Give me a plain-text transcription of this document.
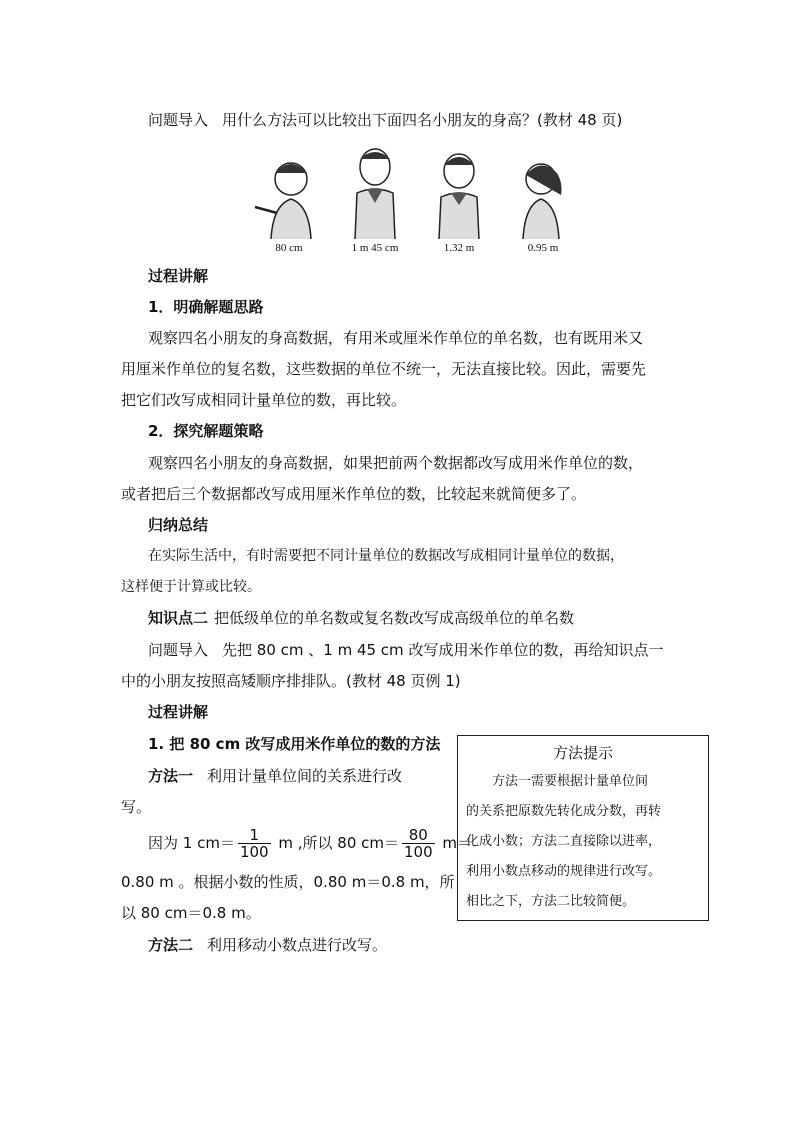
问题导入 用什么方法可以比较出下面四名小朋友的身高？(教材 48 页)
80 cm	1 m 45 cm	1.32 m	0.95 m
过程讲解
1．明确解题思路
观察四名小朋友的身高数据，有用米或厘米作单位的单名数，也有既用米又
用厘米作单位的复名数，这些数据的单位不统一，无法直接比较。因此，需要先
把它们改写成相同计量单位的数，再比较。
2．探究解题策略
观察四名小朋友的身高数据，如果把前两个数据都改写成用米作单位的数，
或者把后三个数据都改写成用厘米作单位的数，比较起来就简便多了。
归纳总结
在实际生活中，有时需要把不同计量单位的数据改写成相同计量单位的数据，
这样便于计算或比较。
知识点二 把低级单位的单名数或复名数改写成高级单位的单名数
问题导入 先把 80 cm 、1 m 45 cm 改写成用米作单位的数，再给知识点一
中的小朋友按照高矮顺序排排队。(教材 48 页例 1)
过程讲解
1. 把 80 cm 改写成用米作单位的数的方法
方法一 利用计量单位间的关系进行改
写。
因为 1 $cm= \frac{1}{100}$ m ,所以 80 $cm= \frac{80}{100} m=$
0.80 m 。根据小数的性质，0.80 m＝0.8 m，所
以 80 cm＝0.8 m。
方法二 利用移动小数点进行改写。
方法提示
　　方法一需要根据计量单位间
的关系把原数先转化成分数，再转
化成小数；方法二直接除以进率，
利用小数点移动的规律进行改写。
相比之下，方法二比较简便。
